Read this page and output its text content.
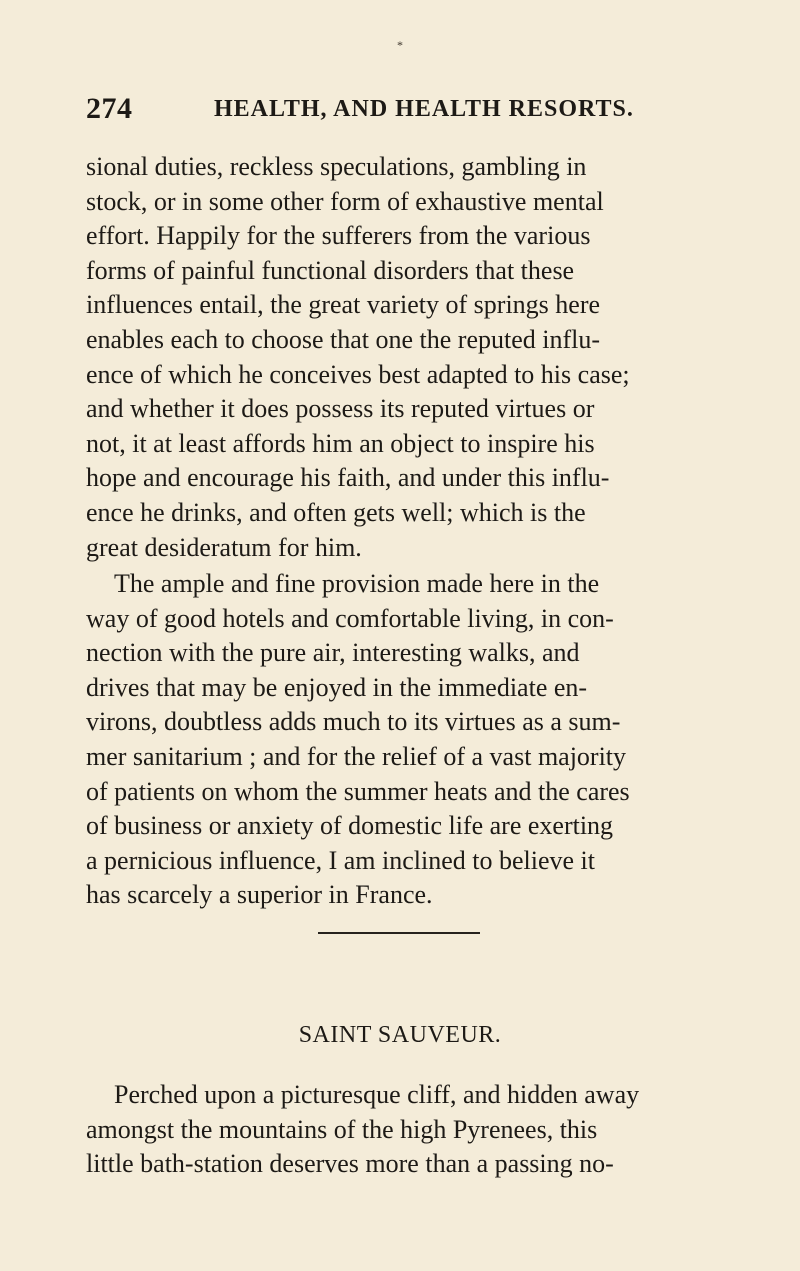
*
274	HEALTH, AND HEALTH RESORTS.
sional duties, reckless speculations, gambling in
stock, or in some other form of exhaustive mental
effort. Happily for the sufferers from the various
forms of painful functional disorders that these
influences entail, the great variety of springs here
enables each to choose that one the reputed influ-
ence of which he conceives best adapted to his case;
and whether it does possess its reputed virtues or
not, it at least affords him an object to inspire his
hope and encourage his faith, and under this influ-
ence he drinks, and often gets well; which is the
great desideratum for him.
The ample and fine provision made here in the
way of good hotels and comfortable living, in con-
nection with the pure air, interesting walks, and
drives that may be enjoyed in the immediate en-
virons, doubtless adds much to its virtues as a sum-
mer sanitarium ; and for the relief of a vast majority
of patients on whom the summer heats and the cares
of business or anxiety of domestic life are exerting
a pernicious influence, I am inclined to believe it
has scarcely a superior in France.
SAINT SAUVEUR.
Perched upon a picturesque cliff, and hidden away
amongst the mountains of the high Pyrenees, this
little bath-station deserves more than a passing no-
